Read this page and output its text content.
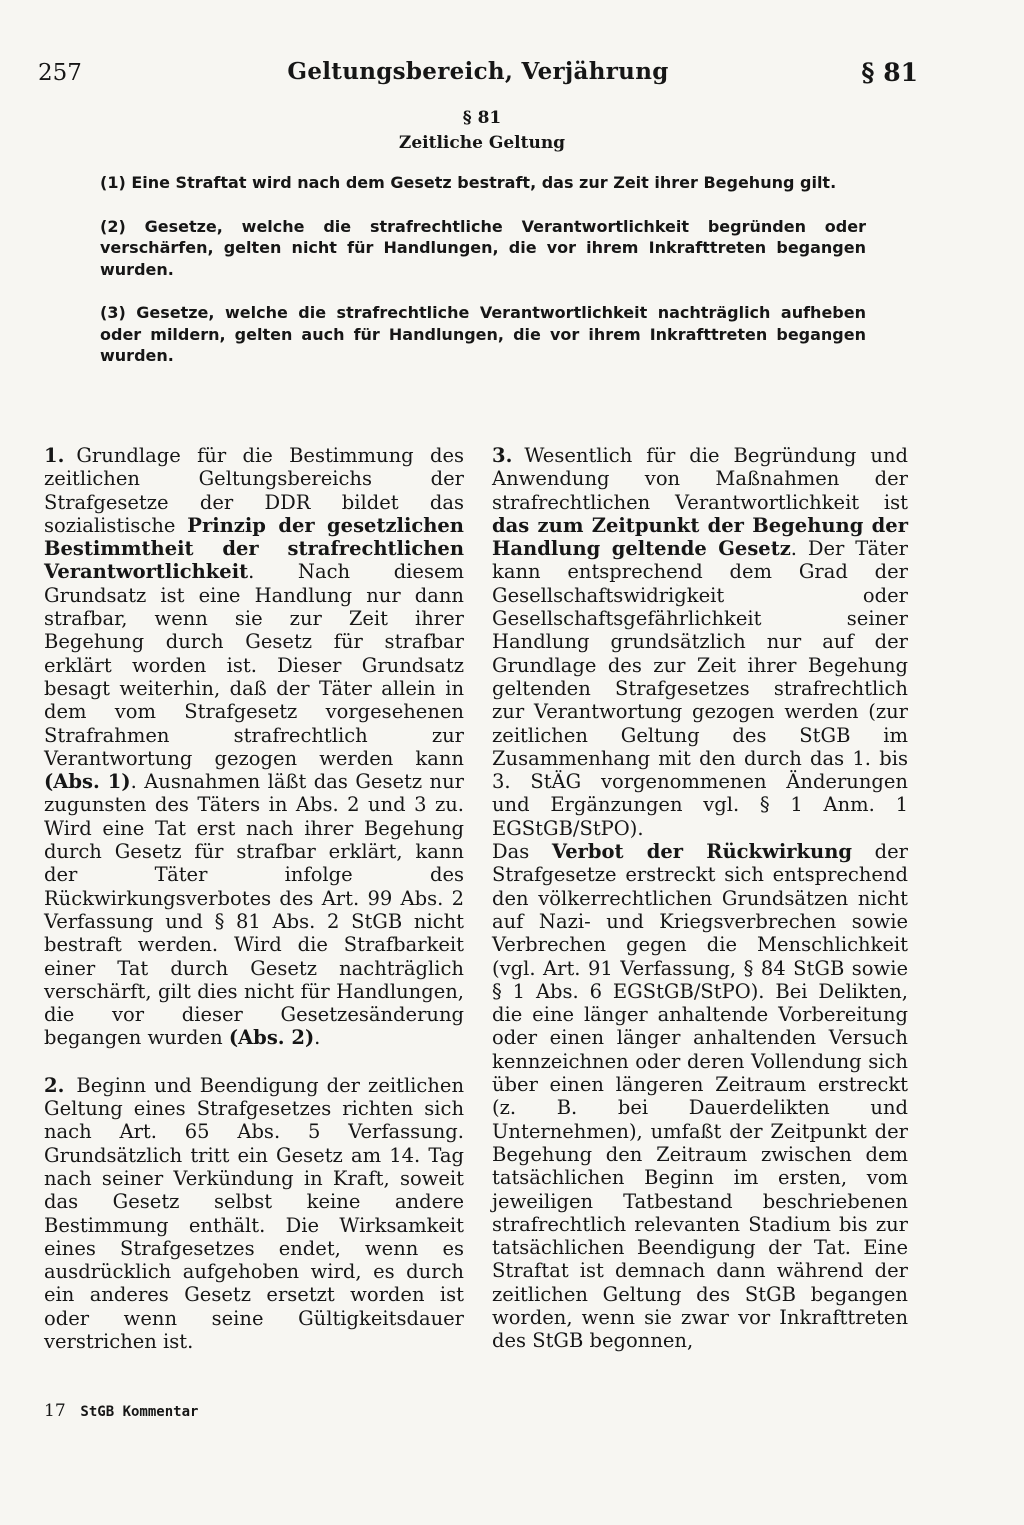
257	Geltungsbereich, Verjährung	§ 81
§ 81
Zeitliche Geltung

(1) Eine Straftat wird nach dem Gesetz bestraft, das zur Zeit ihrer Begehung gilt.

(2) Gesetze, welche die strafrechtliche Verantwortlichkeit begründen oder verschärfen, gelten nicht für Handlungen, die vor ihrem Inkrafttreten begangen wurden.

(3) Gesetze, welche die strafrechtliche Verantwortlichkeit nachträglich aufheben oder mildern, gelten auch für Handlungen, die vor ihrem Inkrafttreten begangen wurden.

1. Grundlage für die Bestimmung des zeitlichen Geltungsbereichs der Strafgesetze der DDR bildet das sozialistische Prinzip der gesetzlichen Bestimmtheit der strafrechtlichen Verantwortlichkeit. Nach diesem Grundsatz ist eine Handlung nur dann strafbar, wenn sie zur Zeit ihrer Begehung durch Gesetz für strafbar erklärt worden ist. Dieser Grundsatz besagt weiterhin, daß der Täter allein in dem vom Strafgesetz vorgesehenen Strafrahmen strafrechtlich zur Verantwortung gezogen werden kann (Abs. 1). Ausnahmen läßt das Gesetz nur zugunsten des Täters in Abs. 2 und 3 zu. Wird eine Tat erst nach ihrer Begehung durch Gesetz für strafbar erklärt, kann der Täter infolge des Rückwirkungsverbotes des Art. 99 Abs. 2 Verfassung und § 81 Abs. 2 StGB nicht bestraft werden. Wird die Strafbarkeit einer Tat durch Gesetz nachträglich verschärft, gilt dies nicht für Handlungen, die vor dieser Gesetzesänderung begangen wurden (Abs. 2).

2. Beginn und Beendigung der zeitlichen Geltung eines Strafgesetzes richten sich nach Art. 65 Abs. 5 Verfassung. Grundsätzlich tritt ein Gesetz am 14. Tag nach seiner Verkündung in Kraft, soweit das Gesetz selbst keine andere Bestimmung enthält. Die Wirksamkeit eines Strafgesetzes endet, wenn es ausdrücklich aufgehoben wird, es durch ein anderes Gesetz ersetzt worden ist oder wenn seine Gültigkeitsdauer verstrichen ist.

3. Wesentlich für die Begründung und Anwendung von Maßnahmen der strafrechtlichen Verantwortlichkeit ist das zum Zeitpunkt der Begehung der Handlung geltende Gesetz. Der Täter kann entsprechend dem Grad der Gesellschaftswidrigkeit oder Gesellschaftsgefährlichkeit seiner Handlung grundsätzlich nur auf der Grundlage des zur Zeit ihrer Begehung geltenden Strafgesetzes strafrechtlich zur Verantwortung gezogen werden (zur zeitlichen Geltung des StGB im Zusammenhang mit den durch das 1. bis 3. StÄG vorgenommenen Änderungen und Ergänzungen vgl. § 1 Anm. 1 EGStGB/StPO).

Das Verbot der Rückwirkung der Strafgesetze erstreckt sich entsprechend den völkerrechtlichen Grundsätzen nicht auf Nazi- und Kriegsverbrechen sowie Verbrechen gegen die Menschlichkeit (vgl. Art. 91 Verfassung, § 84 StGB sowie § 1 Abs. 6 EGStGB/StPO). Bei Delikten, die eine länger anhaltende Vorbereitung oder einen länger anhaltenden Versuch kennzeichnen oder deren Vollendung sich über einen längeren Zeitraum erstreckt (z. B. bei Dauerdelikten und Unternehmen), umfaßt der Zeitpunkt der Begehung den Zeitraum zwischen dem tatsächlichen Beginn im ersten, vom jeweiligen Tatbestand beschriebenen strafrechtlich relevanten Stadium bis zur tatsächlichen Beendigung der Tat. Eine Straftat ist demnach dann während der zeitlichen Geltung des StGB begangen worden, wenn sie zwar vor Inkrafttreten des StGB begonnen,

17 StGB Kommentar
